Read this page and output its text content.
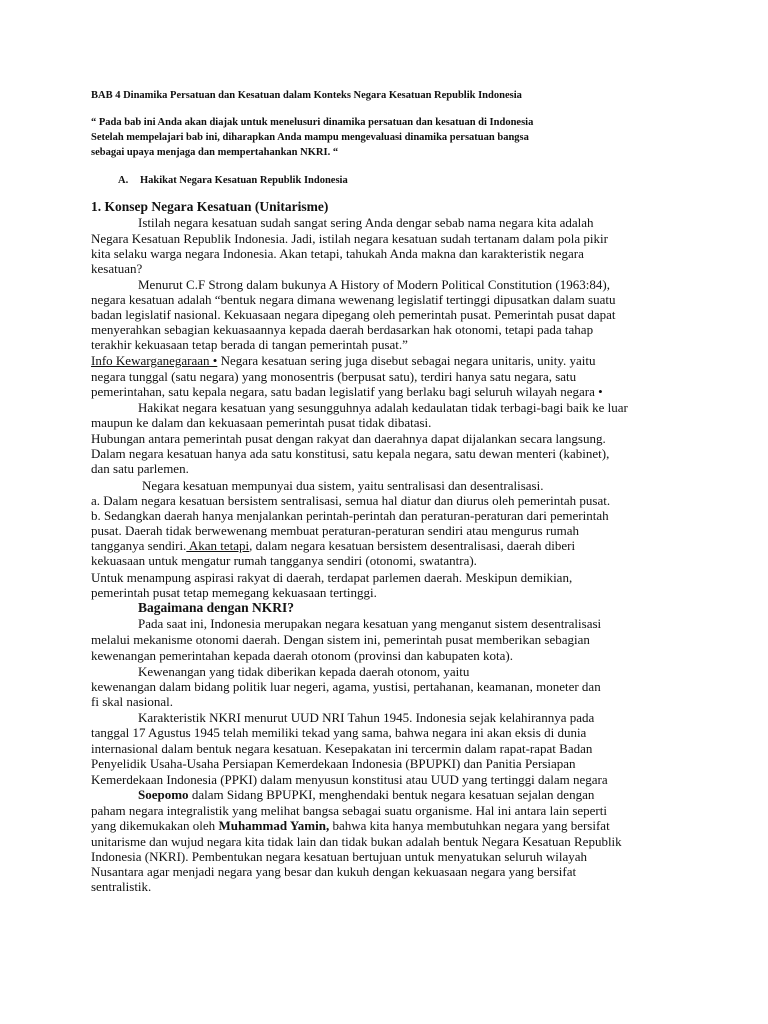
BAB 4 Dinamika Persatuan dan Kesatuan dalam Konteks Negara Kesatuan Republik Indonesia
“ Pada bab ini Anda akan diajak untuk menelusuri dinamika persatuan dan kesatuan di Indonesia
Setelah mempelajari bab ini, diharapkan Anda mampu mengevaluasi dinamika persatuan bangsa
sebagai upaya menjaga dan mempertahankan NKRI. “
A. Hakikat Negara Kesatuan Republik Indonesia
1. Konsep Negara Kesatuan (Unitarisme)
Istilah negara kesatuan sudah sangat sering Anda dengar sebab nama negara kita adalah
Negara Kesatuan Republik Indonesia. Jadi, istilah negara kesatuan sudah tertanam dalam pola pikir
kita selaku warga negara Indonesia. Akan tetapi, tahukah Anda makna dan karakteristik negara
kesatuan?
Menurut C.F Strong dalam bukunya A History of Modern Political Constitution (1963:84),
negara kesatuan adalah “bentuk negara dimana wewenang legislatif tertinggi dipusatkan dalam suatu
badan legislatif nasional. Kekuasaan negara dipegang oleh pemerintah pusat. Pemerintah pusat dapat
menyerahkan sebagian kekuasaannya kepada daerah berdasarkan hak otonomi, tetapi pada tahap
terakhir kekuasaan tetap berada di tangan pemerintah pusat.”
Info Kewarganegaraan • Negara kesatuan sering juga disebut sebagai negara unitaris, unity. yaitu
negara tunggal (satu negara) yang monosentris (berpusat satu), terdiri hanya satu negara, satu
pemerintahan, satu kepala negara, satu badan legislatif yang berlaku bagi seluruh wilayah negara •
Hakikat negara kesatuan yang sesungguhnya adalah kedaulatan tidak terbagi-bagi baik ke luar
maupun ke dalam dan kekuasaan pemerintah pusat tidak dibatasi.
Hubungan antara pemerintah pusat dengan rakyat dan daerahnya dapat dijalankan secara langsung.
Dalam negara kesatuan hanya ada satu konstitusi, satu kepala negara, satu dewan menteri (kabinet),
dan satu parlemen.
Negara kesatuan mempunyai dua sistem, yaitu sentralisasi dan desentralisasi.
a. Dalam negara kesatuan bersistem sentralisasi, semua hal diatur dan diurus oleh pemerintah pusat.
b. Sedangkan daerah hanya menjalankan perintah-perintah dan peraturan-peraturan dari pemerintah
pusat. Daerah tidak berwewenang membuat peraturan-peraturan sendiri atau mengurus rumah
tangganya sendiri. Akan tetapi, dalam negara kesatuan bersistem desentralisasi, daerah diberi
kekuasaan untuk mengatur rumah tangganya sendiri (otonomi, swatantra).
Untuk menampung aspirasi rakyat di daerah, terdapat parlemen daerah. Meskipun demikian,
pemerintah pusat tetap memegang kekuasaan tertinggi.
Bagaimana dengan NKRI?
Pada saat ini, Indonesia merupakan negara kesatuan yang menganut sistem desentralisasi
melalui mekanisme otonomi daerah. Dengan sistem ini, pemerintah pusat memberikan sebagian
kewenangan pemerintahan kepada daerah otonom (provinsi dan kabupaten kota).
Kewenangan yang tidak diberikan kepada daerah otonom, yaitu
kewenangan dalam bidang politik luar negeri, agama, yustisi, pertahanan, keamanan, moneter dan
fi skal nasional.
Karakteristik NKRI menurut UUD NRI Tahun 1945. Indonesia sejak kelahirannya pada
tanggal 17 Agustus 1945 telah memiliki tekad yang sama, bahwa negara ini akan eksis di dunia
internasional dalam bentuk negara kesatuan. Kesepakatan ini tercermin dalam rapat-rapat Badan
Penyelidik Usaha-Usaha Persiapan Kemerdekaan Indonesia (BPUPKI) dan Panitia Persiapan
Kemerdekaan Indonesia (PPKI) dalam menyusun konstitusi atau UUD yang tertinggi dalam negara
Soepomo dalam Sidang BPUPKI, menghendaki bentuk negara kesatuan sejalan dengan
paham negara integralistik yang melihat bangsa sebagai suatu organisme. Hal ini antara lain seperti
yang dikemukakan oleh Muhammad Yamin, bahwa kita hanya membutuhkan negara yang bersifat
unitarisme dan wujud negara kita tidak lain dan tidak bukan adalah bentuk Negara Kesatuan Republik
Indonesia (NKRI). Pembentukan negara kesatuan bertujuan untuk menyatukan seluruh wilayah
Nusantara agar menjadi negara yang besar dan kukuh dengan kekuasaan negara yang bersifat
sentralistik.
